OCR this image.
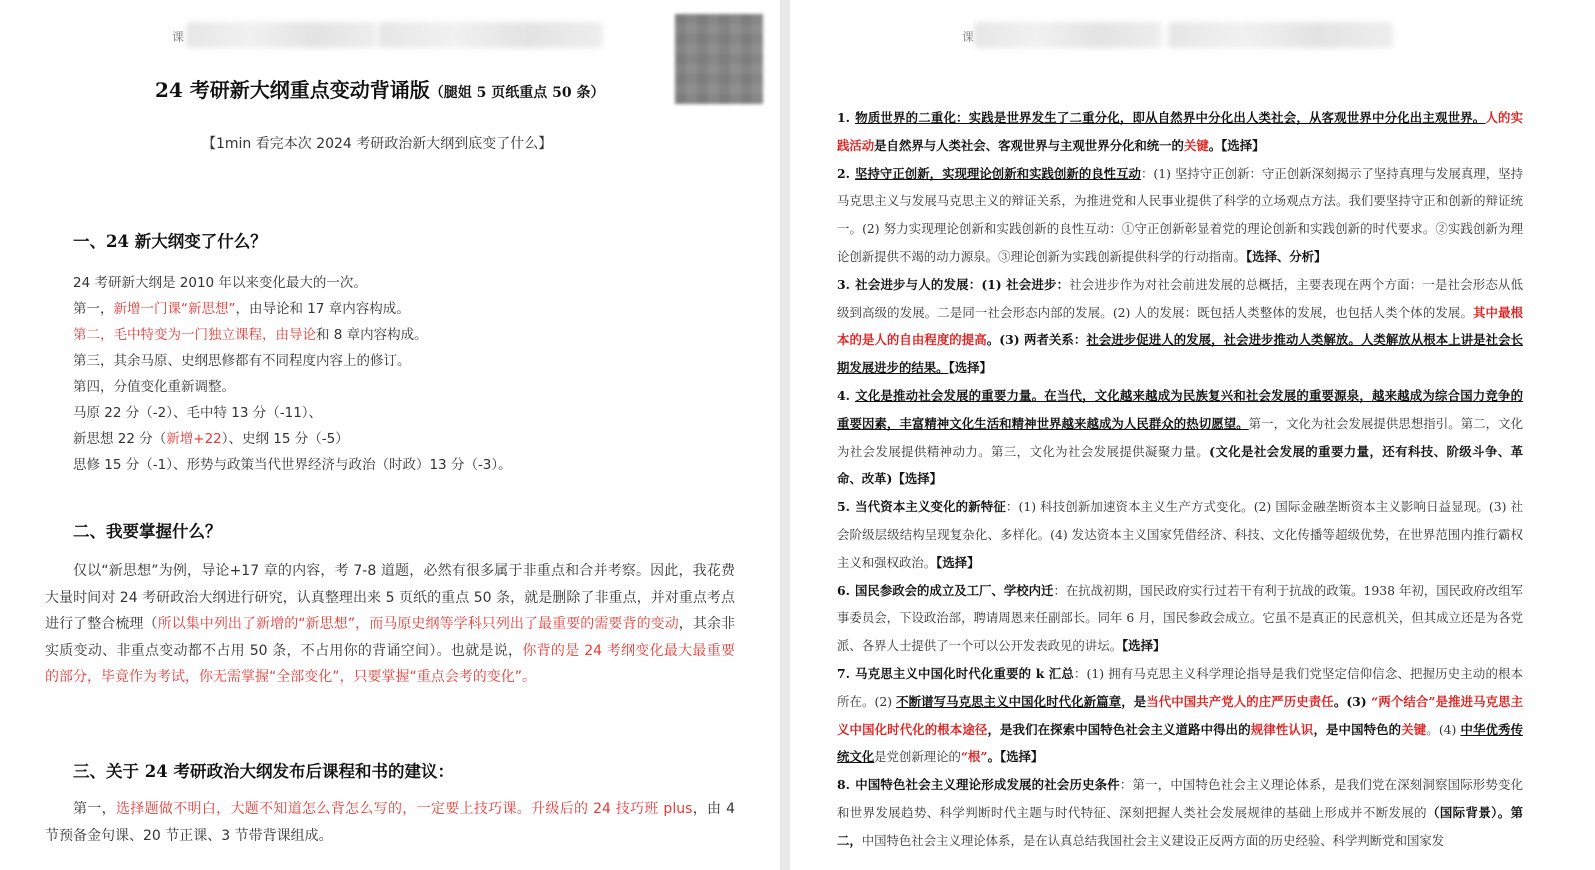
课
24 考研新大纲重点变动背诵版（腿姐 5 页纸重点 50 条）
【1min 看完本次 2024 考研政治新大纲到底变了什么】
一、24 新大纲变了什么？
24 考研新大纲是 2010 年以来变化最大的一次。
第一，新增一门课“新思想”，由导论和 17 章内容构成。
第二，毛中特变为一门独立课程，由导论和 8 章内容构成。
第三，其余马原、史纲思修都有不同程度内容上的修订。
第四，分值变化重新调整。
马原 22 分（-2）、毛中特 13 分（-11）、
新思想 22 分（新增+22）、史纲 15 分（-5）
思修 15 分（-1）、形势与政策当代世界经济与政治（时政）13 分（-3）。
二、我要掌握什么？
仅以“新思想”为例，导论+17 章的内容，考 7-8 道题，必然有很多属于非重点和合并考察。因此，我花费大量时间对 24 考研政治大纲进行研究，认真整理出来 5 页纸的重点 50 条，就是删除了非重点，并对重点考点进行了整合梳理（所以集中列出了新增的“新思想”，而马原史纲等学科只列出了最重要的需要背的变动，其余非实质变动、非重点变动都不占用 50 条，不占用你的背诵空间）。也就是说，你背的是 24 考纲变化最大最重要的部分，毕竟作为考试，你无需掌握“全部变化”，只要掌握“重点会考的变化”。
三、关于 24 考研政治大纲发布后课程和书的建议：
第一，选择题做不明白，大题不知道怎么背怎么写的，一定要上技巧课。升级后的 24 技巧班 plus，由 4 节预备金句课、20 节正课、3 节带背课组成。
课
1. 物质世界的二重化：实践是世界发生了二重分化，即从自然界中分化出人类社会，从客观世界中分化出主观世界。人的实践活动是自然界与人类社会、客观世界与主观世界分化和统一的关键。【选择】
2. 坚持守正创新，实现理论创新和实践创新的良性互动：(1) 坚持守正创新：守正创新深刻揭示了坚持真理与发展真理，坚持马克思主义与发展马克思主义的辩证关系，为推进党和人民事业提供了科学的立场观点方法。我们要坚持守正和创新的辩证统一。(2) 努力实现理论创新和实践创新的良性互动：①守正创新彰显着党的理论创新和实践创新的时代要求。②实践创新为理论创新提供不竭的动力源泉。③理论创新为实践创新提供科学的行动指南。【选择、分析】
3. 社会进步与人的发展：(1) 社会进步：社会进步作为对社会前进发展的总概括，主要表现在两个方面：一是社会形态从低级到高级的发展。二是同一社会形态内部的发展。(2) 人的发展：既包括人类整体的发展，也包括人类个体的发展。其中最根本的是人的自由程度的提高。(3) 两者关系：社会进步促进人的发展，社会进步推动人类解放。人类解放从根本上讲是社会长期发展进步的结果。【选择】
4. 文化是推动社会发展的重要力量。在当代，文化越来越成为民族复兴和社会发展的重要源泉，越来越成为综合国力竞争的重要因素，丰富精神文化生活和精神世界越来越成为人民群众的热切愿望。第一，文化为社会发展提供思想指引。第二，文化为社会发展提供精神动力。第三，文化为社会发展提供凝聚力量。(文化是社会发展的重要力量，还有科技、阶级斗争、革命、改革)【选择】
5. 当代资本主义变化的新特征：(1) 科技创新加速资本主义生产方式变化。(2) 国际金融垄断资本主义影响日益显现。(3) 社会阶级层级结构呈现复杂化、多样化。(4) 发达资本主义国家凭借经济、科技、文化传播等超级优势，在世界范围内推行霸权主义和强权政治。【选择】
6. 国民参政会的成立及工厂、学校内迁：在抗战初期，国民政府实行过若干有利于抗战的政策。1938 年初，国民政府改组军事委员会，下设政治部，聘请周恩来任副部长。同年 6 月，国民参政会成立。它虽不是真正的民意机关，但其成立还是为各党派、各界人士提供了一个可以公开发表政见的讲坛。【选择】
7. 马克思主义中国化时代化重要的 k 汇总：(1) 拥有马克思主义科学理论指导是我们党坚定信仰信念、把握历史主动的根本所在。(2) 不断谱写马克思主义中国化时代化新篇章，是当代中国共产党人的庄严历史责任。(3) “两个结合”是推进马克思主义中国化时代化的根本途径，是我们在探索中国特色社会主义道路中得出的规律性认识，是中国特色的关键。(4) 中华优秀传统文化是党创新理论的“根”。【选择】
8. 中国特色社会主义理论形成发展的社会历史条件：第一，中国特色社会主义理论体系，是我们党在深刻洞察国际形势变化和世界发展趋势、科学判断时代主题与时代特征、深刻把握人类社会发展规律的基础上形成并不断发展的（国际背景）。第二，中国特色社会主义理论体系，是在认真总结我国社会主义建设正反两方面的历史经验、科学判断党和国家发
